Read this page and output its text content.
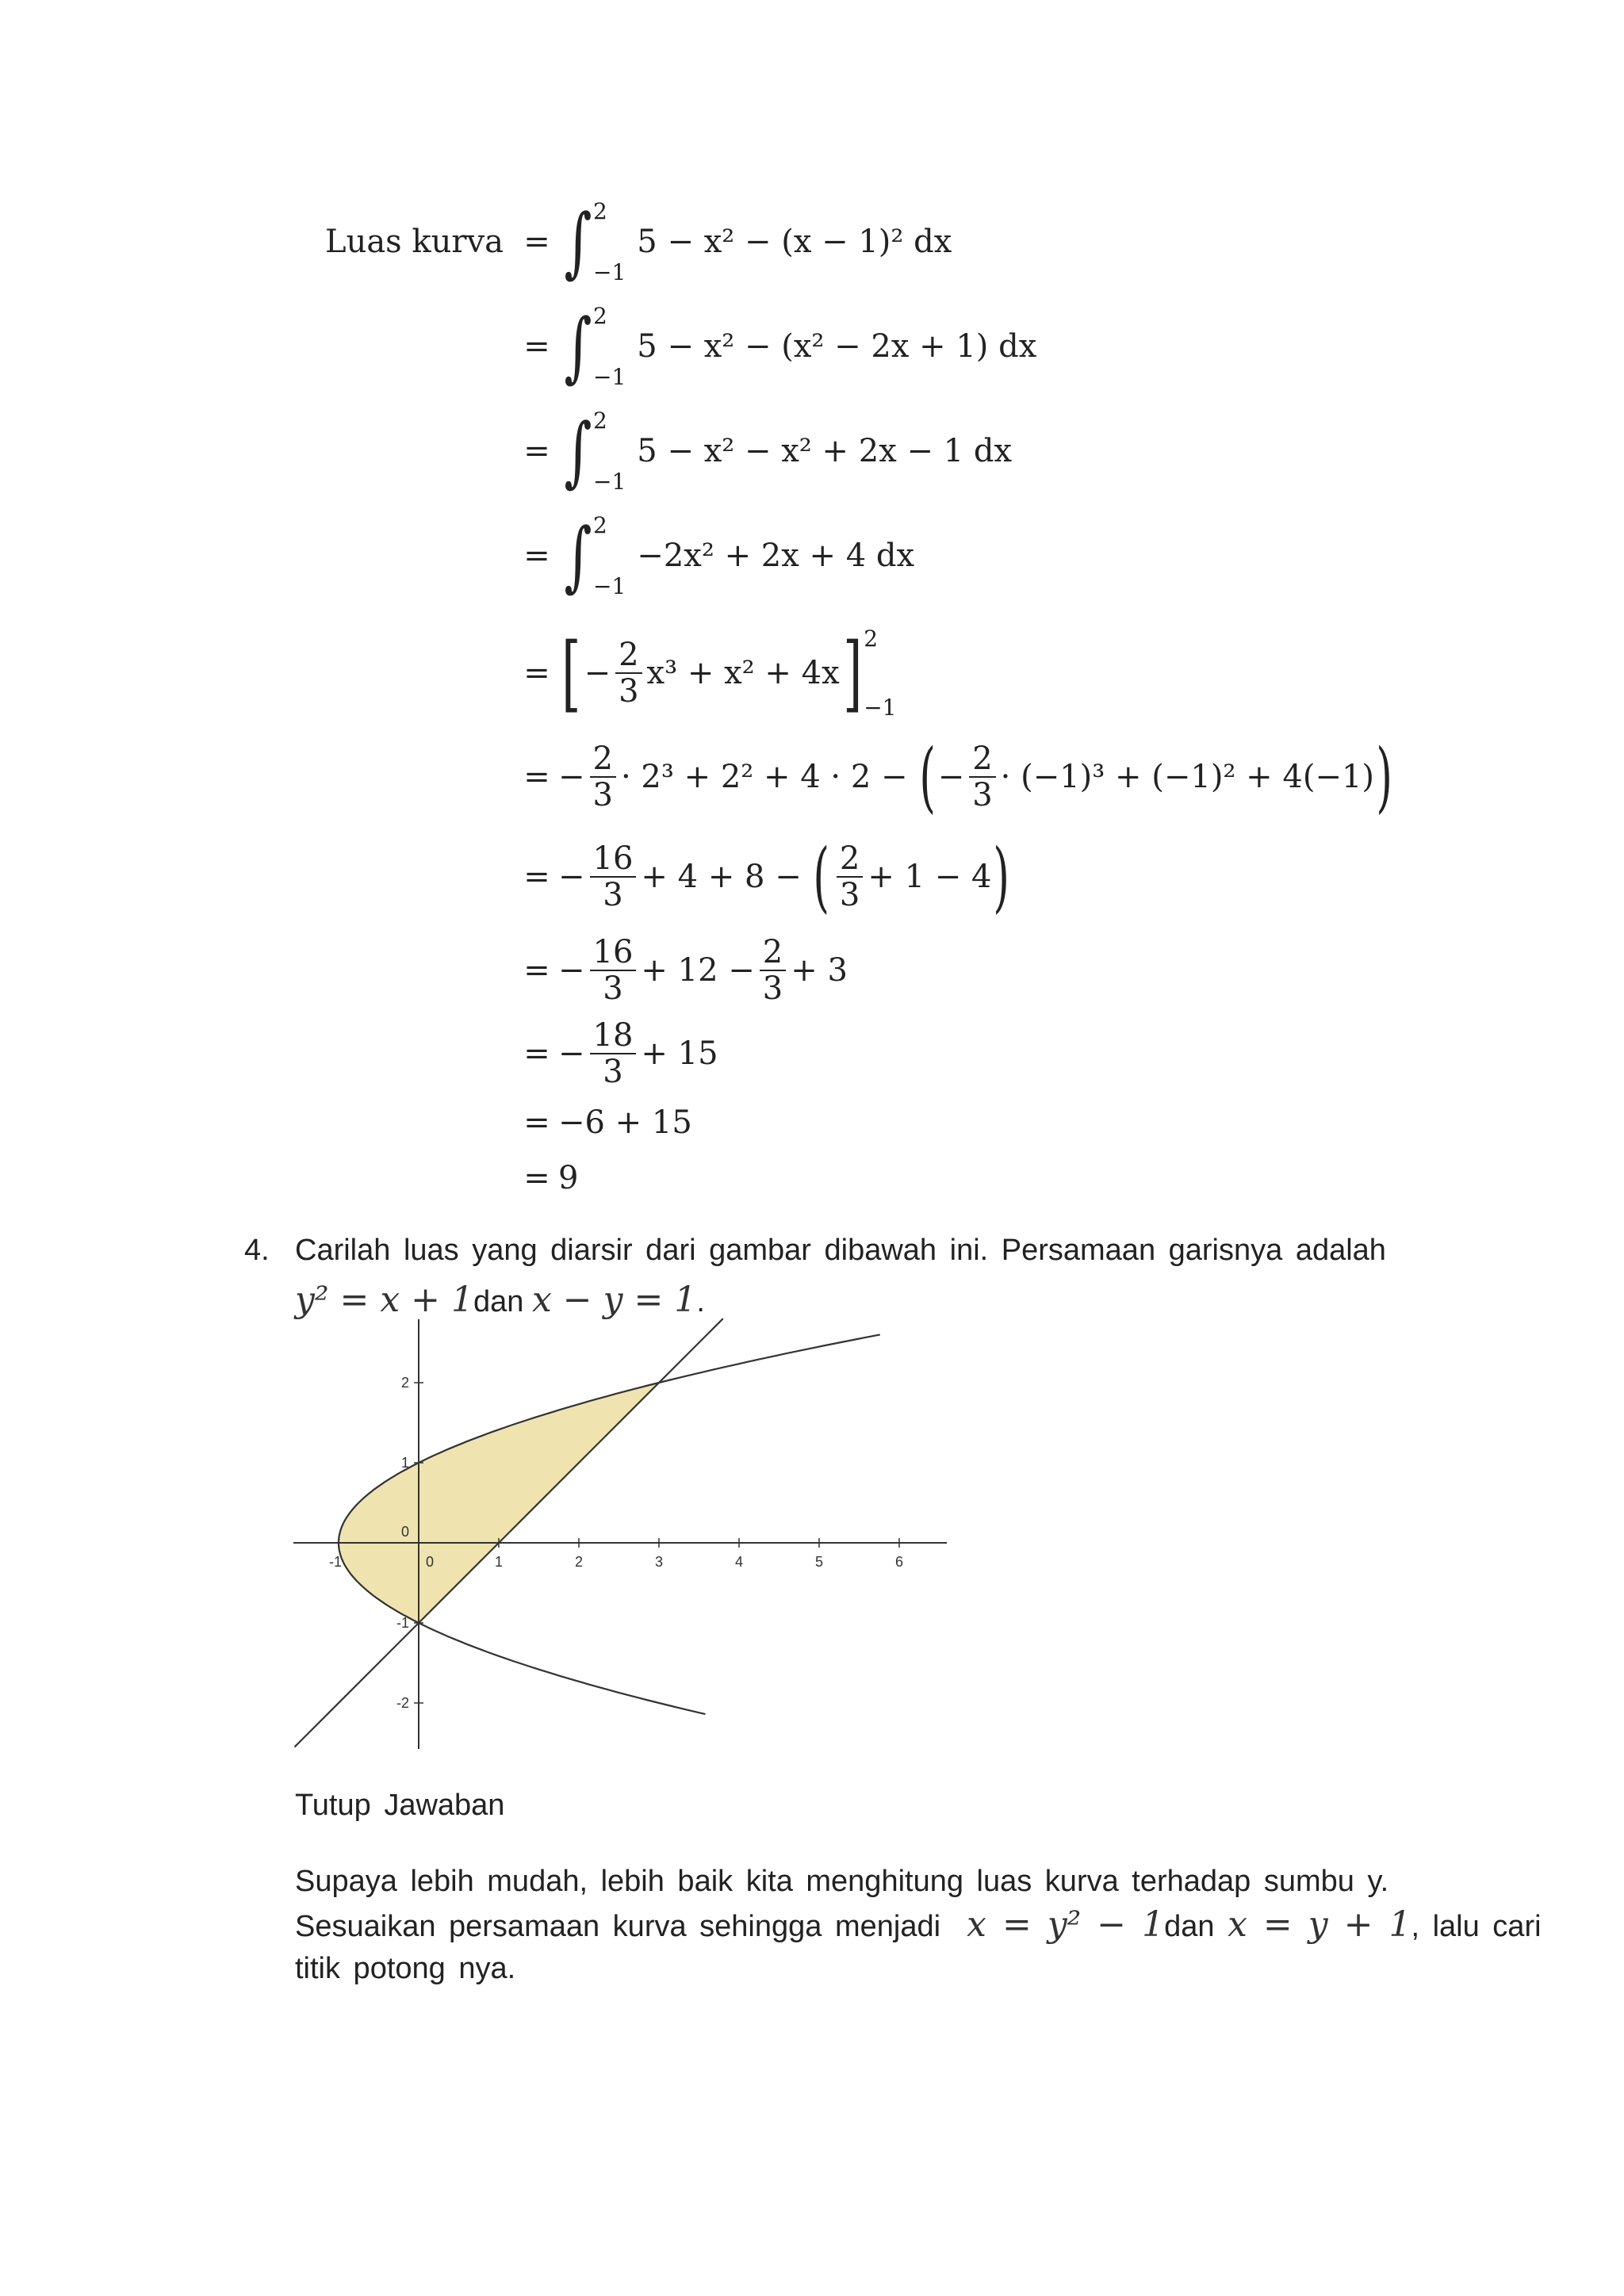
Luas kurva = ∫ 2
−1
5 − x² − (x − 1)² dx
= ∫ 2
−1
5 − x² − (x² − 2x + 1) dx
= ∫ 2
−1
5 − x² − x² + 2x − 1 dx
= ∫ 2
−1
−2x² + 2x + 4 dx
= [ − $\frac{2}{3} x^3 + x^2 + 4x$ ] 2
−1
= − $\frac{2}{3} \cdot 2^3 + 2^2 + 4 \cdot 2$ −
( − $\frac{2}{3} \cdot (-1)^3 + (-1)^2 + 4(-1)$ )
= − $\frac{16}{3} + 4 + 8$ −
( $\frac{2}{3} + 1 - 4$ )
= − $\frac{16}{3} + 12 - \frac{2}{3} + 3$
= − $\frac{18}{3} + 15$
= −6 + 15
= 9
4. Carilah luas yang diarsir dari gambar dibawah ini. Persamaan garisnya adalah
y² = x + 1 dan
x − y = 1 .
-1	0	1	2	3	4	5	6
2
1
0
-1
-2
Tutup Jawaban
Supaya lebih mudah, lebih baik kita menghitung luas kurva terhadap sumbu y.
Sesuaikan persamaan kurva sehingga menjadi
x = y² − 1 dan
x = y + 1 , lalu cari
titik potong nya.
